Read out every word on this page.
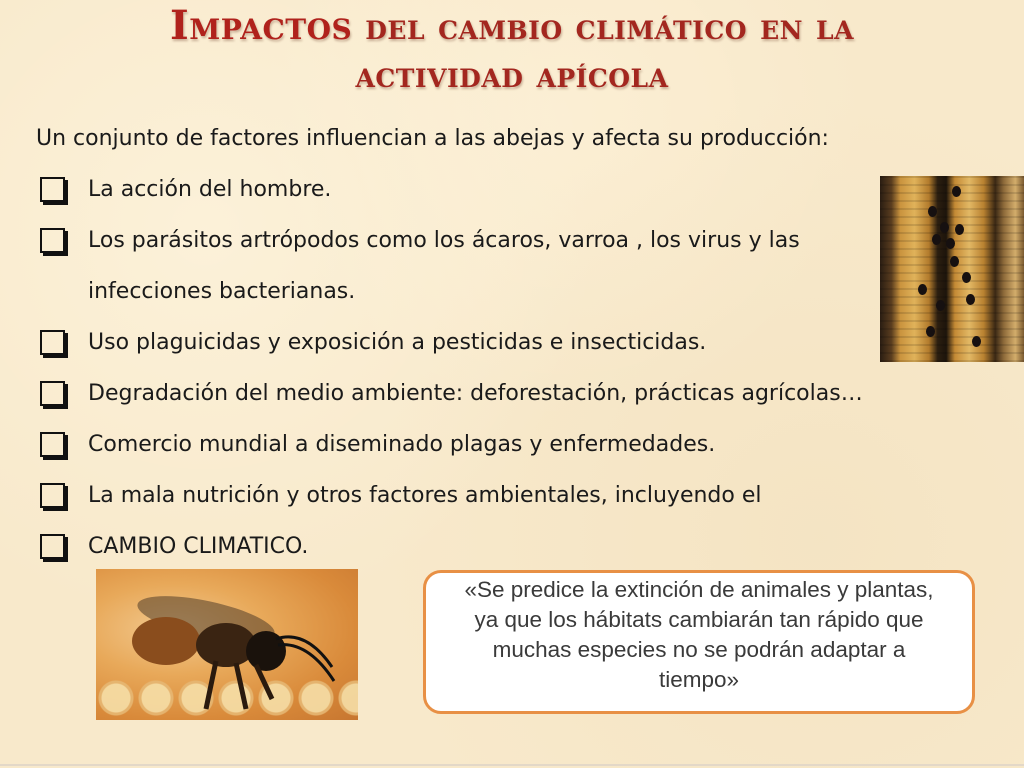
Impactos del cambio climático en la
actividad apícola

Un conjunto de factores influencian a las abejas y afecta su producción:

La acción del hombre.
Los parásitos artrópodos como los ácaros, varroa , los virus y las
infecciones bacterianas.
Uso plaguicidas y exposición a pesticidas e insecticidas.
Degradación del medio ambiente: deforestación, prácticas agrícolas…
Comercio mundial a diseminado plagas y enfermedades.
La mala nutrición y otros factores ambientales, incluyendo el
CAMBIO CLIMATICO.

«Se predice la extinción de animales y plantas, ya que los hábitats cambiarán tan rápido que muchas especies no se podrán adaptar a tiempo»
